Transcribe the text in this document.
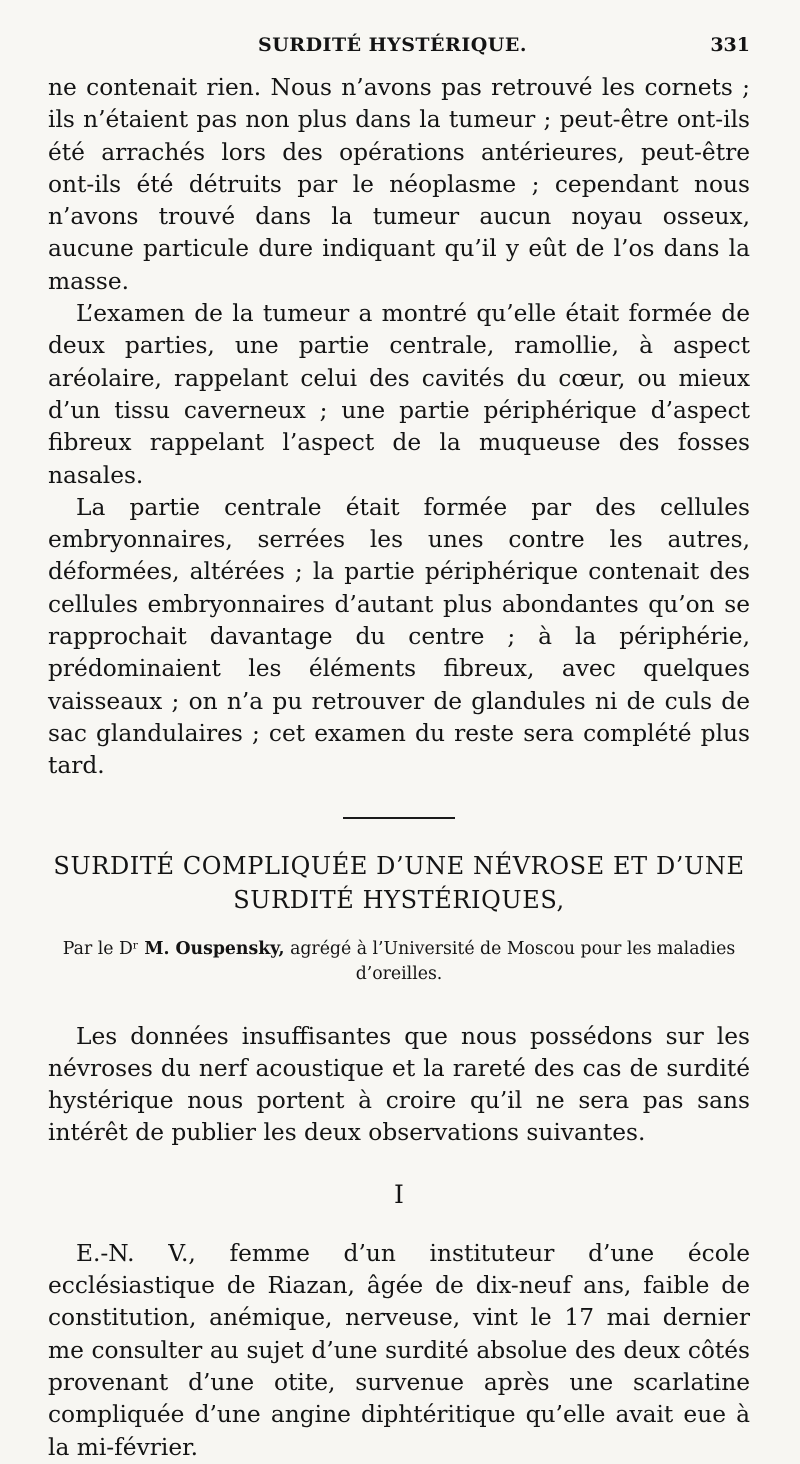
SURDITÉ HYSTÉRIQUE.	331

ne contenait rien. Nous n’avons pas retrouvé les cornets ; ils n’étaient pas non plus dans la tumeur ; peut-être ont-ils été arrachés lors des opérations antérieures, peut-être ont-ils été détruits par le néoplasme ; cependant nous n’avons trouvé dans la tumeur aucun noyau osseux, aucune particule dure indiquant qu’il y eût de l’os dans la masse.

L’examen de la tumeur a montré qu’elle était formée de deux parties, une partie centrale, ramollie, à aspect aréolaire, rappelant celui des cavités du cœur, ou mieux d’un tissu caverneux ; une partie périphérique d’aspect fibreux rappelant l’aspect de la muqueuse des fosses nasales.

La partie centrale était formée par des cellules embryonnaires, serrées les unes contre les autres, déformées, altérées ; la partie périphérique contenait des cellules embryonnaires d’autant plus abondantes qu’on se rapprochait davantage du centre ; à la périphérie, prédominaient les éléments fibreux, avec quelques vaisseaux ; on n’a pu retrouver de glandules ni de culs de sac glandulaires ; cet examen du reste sera complété plus tard.

SURDITÉ COMPLIQUÉE D’UNE NÉVROSE ET D’UNE
SURDITÉ HYSTÉRIQUES,
Par le Dʳ M. Ouspensky, agrégé à l’Université de Moscou pour les maladies d’oreilles.

Les données insuffisantes que nous possédons sur les névroses du nerf acoustique et la rareté des cas de surdité hystérique nous portent à croire qu’il ne sera pas sans intérêt de publier les deux observations suivantes.

I

E.-N. V., femme d’un instituteur d’une école ecclésiastique de Riazan, âgée de dix-neuf ans, faible de constitution, anémique, nerveuse, vint le 17 mai dernier me consulter au sujet d’une surdité absolue des deux côtés provenant d’une otite, survenue après une scarlatine compliquée d’une angine diphtéritique qu’elle avait eue à la mi-février.
